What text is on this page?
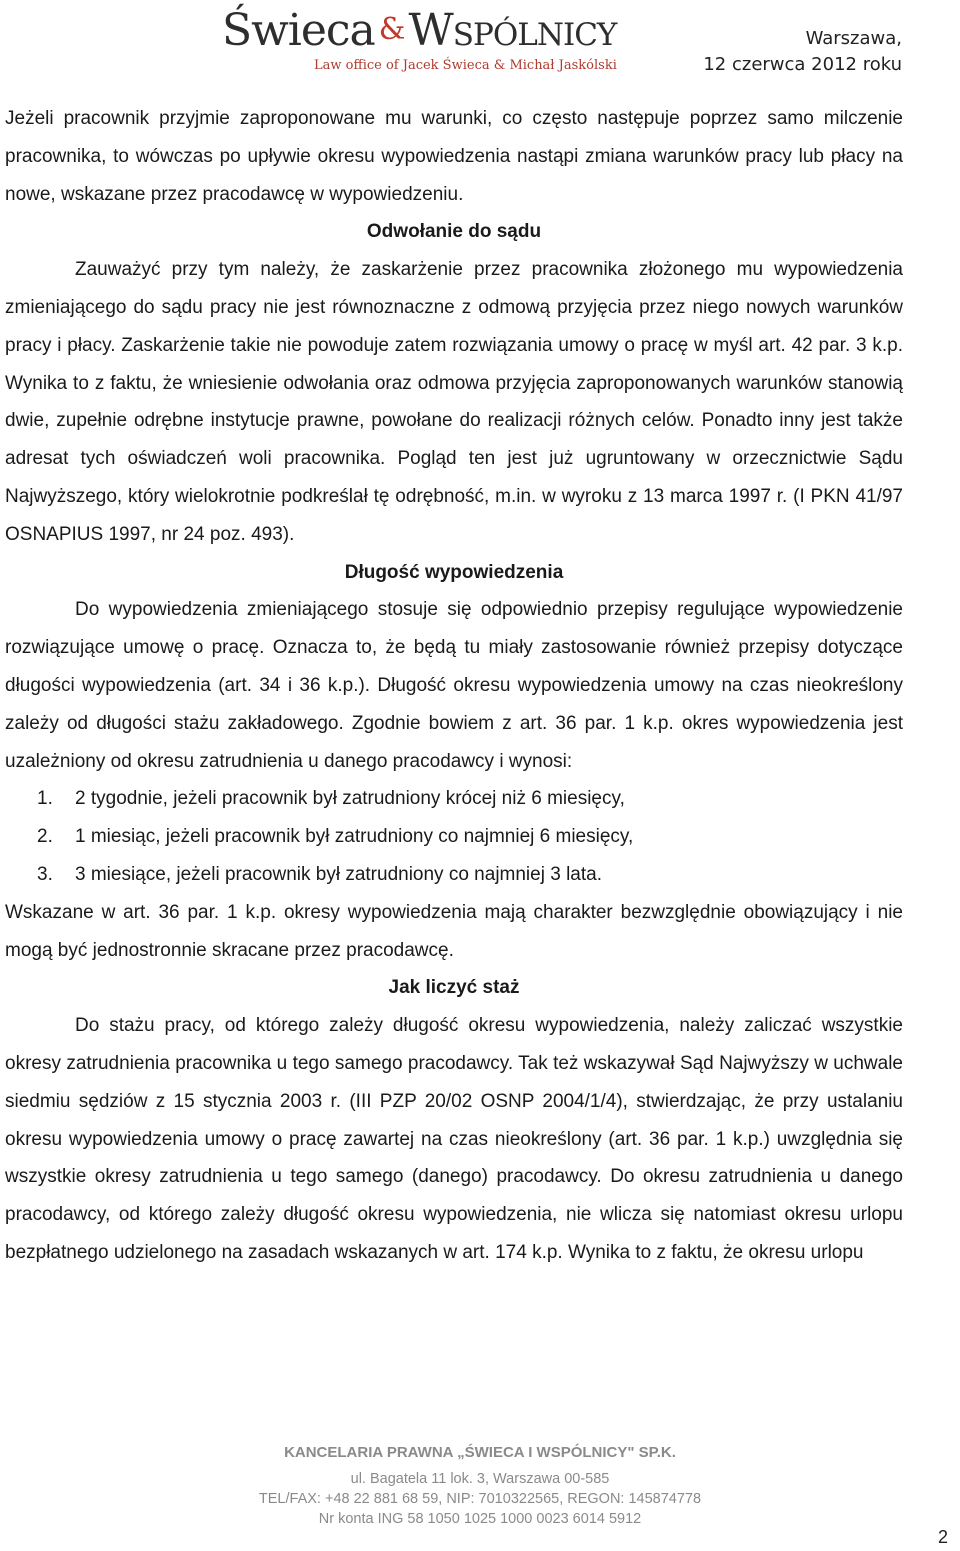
Świeca &Wspólnicy
Law office of Jacek Świeca & Michał Jaskólski
Warszawa,
12 czerwca 2012 roku

Jeżeli pracownik przyjmie zaproponowane mu warunki, co często następuje poprzez samo milczenie pracownika, to wówczas po upływie okresu wypowiedzenia nastąpi zmiana warunków pracy lub płacy na nowe, wskazane przez pracodawcę w wypowiedzeniu.

Odwołanie do sądu

Zauważyć przy tym należy, że zaskarżenie przez pracownika złożonego mu wypowiedzenia zmieniającego do sądu pracy nie jest równoznaczne z odmową przyjęcia przez niego nowych warunków pracy i płacy. Zaskarżenie takie nie powoduje zatem rozwiązania umowy o pracę w myśl art. 42 par. 3 k.p. Wynika to z faktu, że wniesienie odwołania oraz odmowa przyjęcia zaproponowanych warunków stanowią dwie, zupełnie odrębne instytucje prawne, powołane do realizacji różnych celów. Ponadto inny jest także adresat tych oświadczeń woli pracownika. Pogląd ten jest już ugruntowany w orzecznictwie Sądu Najwyższego, który wielokrotnie podkreślał tę odrębność, m.in. w wyroku z 13 marca 1997 r. (I PKN 41/97 OSNAPIUS 1997, nr 24 poz. 493).

Długość wypowiedzenia

Do wypowiedzenia zmieniającego stosuje się odpowiednio przepisy regulujące wypowiedzenie rozwiązujące umowę o pracę. Oznacza to, że będą tu miały zastosowanie również przepisy dotyczące długości wypowiedzenia (art. 34 i 36 k.p.). Długość okresu wypowiedzenia umowy na czas nieokreślony zależy od długości stażu zakładowego. Zgodnie bowiem z art. 36 par. 1 k.p. okres wypowiedzenia jest uzależniony od okresu zatrudnienia u danego pracodawcy i wynosi:

1. 2 tygodnie, jeżeli pracownik był zatrudniony krócej niż 6 miesięcy,
2. 1 miesiąc, jeżeli pracownik był zatrudniony co najmniej 6 miesięcy,
3. 3 miesiące, jeżeli pracownik był zatrudniony co najmniej 3 lata.

Wskazane w art. 36 par. 1 k.p. okresy wypowiedzenia mają charakter bezwzględnie obowiązujący i nie mogą być jednostronnie skracane przez pracodawcę.

Jak liczyć staż

Do stażu pracy, od którego zależy długość okresu wypowiedzenia, należy zaliczać wszystkie okresy zatrudnienia pracownika u tego samego pracodawcy. Tak też wskazywał Sąd Najwyższy w uchwale siedmiu sędziów z 15 stycznia 2003 r. (III PZP 20/02 OSNP 2004/1/4), stwierdzając, że przy ustalaniu okresu wypowiedzenia umowy o pracę zawartej na czas nieokreślony (art. 36 par. 1 k.p.) uwzględnia się wszystkie okresy zatrudnienia u tego samego (danego) pracodawcy. Do okresu zatrudnienia u danego pracodawcy, od którego zależy długość okresu wypowiedzenia, nie wlicza się natomiast okresu urlopu bezpłatnego udzielonego na zasadach wskazanych w art. 174 k.p. Wynika to z faktu, że okresu urlopu

KANCELARIA PRAWNA „ŚWIECA I WSPÓLNICY" SP.K.
ul. Bagatela 11 lok. 3, Warszawa 00-585
TEL/FAX: +48 22 881 68 59, NIP: 7010322565, REGON: 145874778
Nr konta ING 58 1050 1025 1000 0023 6014 5912
2
